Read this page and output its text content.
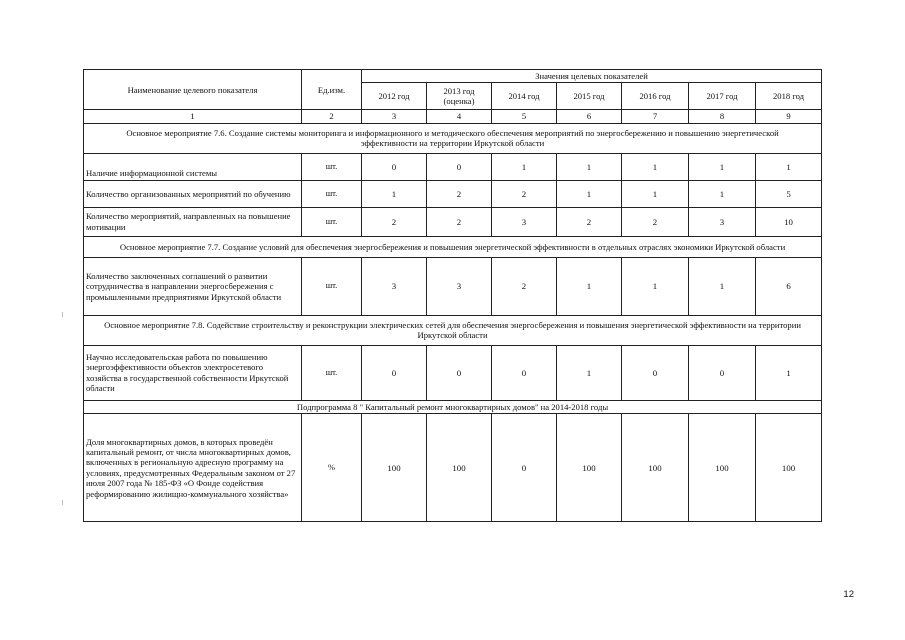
Наименование целевого показателя	Ед.изм.	Значения целевых показателей						
		2012 год	2013 год (оценка)	2014 год	2015 год	2016 год	2017 год	2018 год
1	2	3	4	5	6	7	8	9
Основное мероприятие 7.6. Создание системы мониторинга и информационного и методического обеспечения мероприятий по энергосбережению и повышению энергетической эффективности на территории Иркутской области								
Наличие информационной системы	шт.	0	0	1	1	1	1	1
Количество организованных мероприятий по обучению	шт.	1	2	2	1	1	1	5
Количество мероприятий, направленных на повышение мотивации	шт.	2	2	3	2	2	3	10
Основное мероприятие 7.7. Создание условий для обеспечения энергосбережения и повышения энергетической эффективности в отдельных отраслях экономики Иркутской области								
Количество заключенных соглашений о развитии сотрудничества в направлении энергосбережения с промышленными предприятиями Иркутской области	шт.	3	3	2	1	1	1	6
Основное мероприятие 7.8. Содействие строительству и реконструкции электрических сетей для обеспечения энергосбережения и повышения энергетической эффективности на территории Иркутской области								
Научно исследовательская работа по повышению энергоэффективности объектов электросетевого хозяйства в государственной собственности Иркутской области	шт.	0	0	0	1	0	0	1
Подпрограмма 8 " Капитальный ремонт многоквартирных домов" на 2014-2018 годы								
Доля многоквартирных домов, в которых проведён капитальный ремонт, от числа многоквартирных домов, включенных в региональную адресную программу на условиях, предусмотренных Федеральным законом от 27 июля 2007 года № 185-ФЗ «О Фонде содействия реформированию жилищно-коммунального хозяйства»	%	100	100	0	100	100	100	100
12
